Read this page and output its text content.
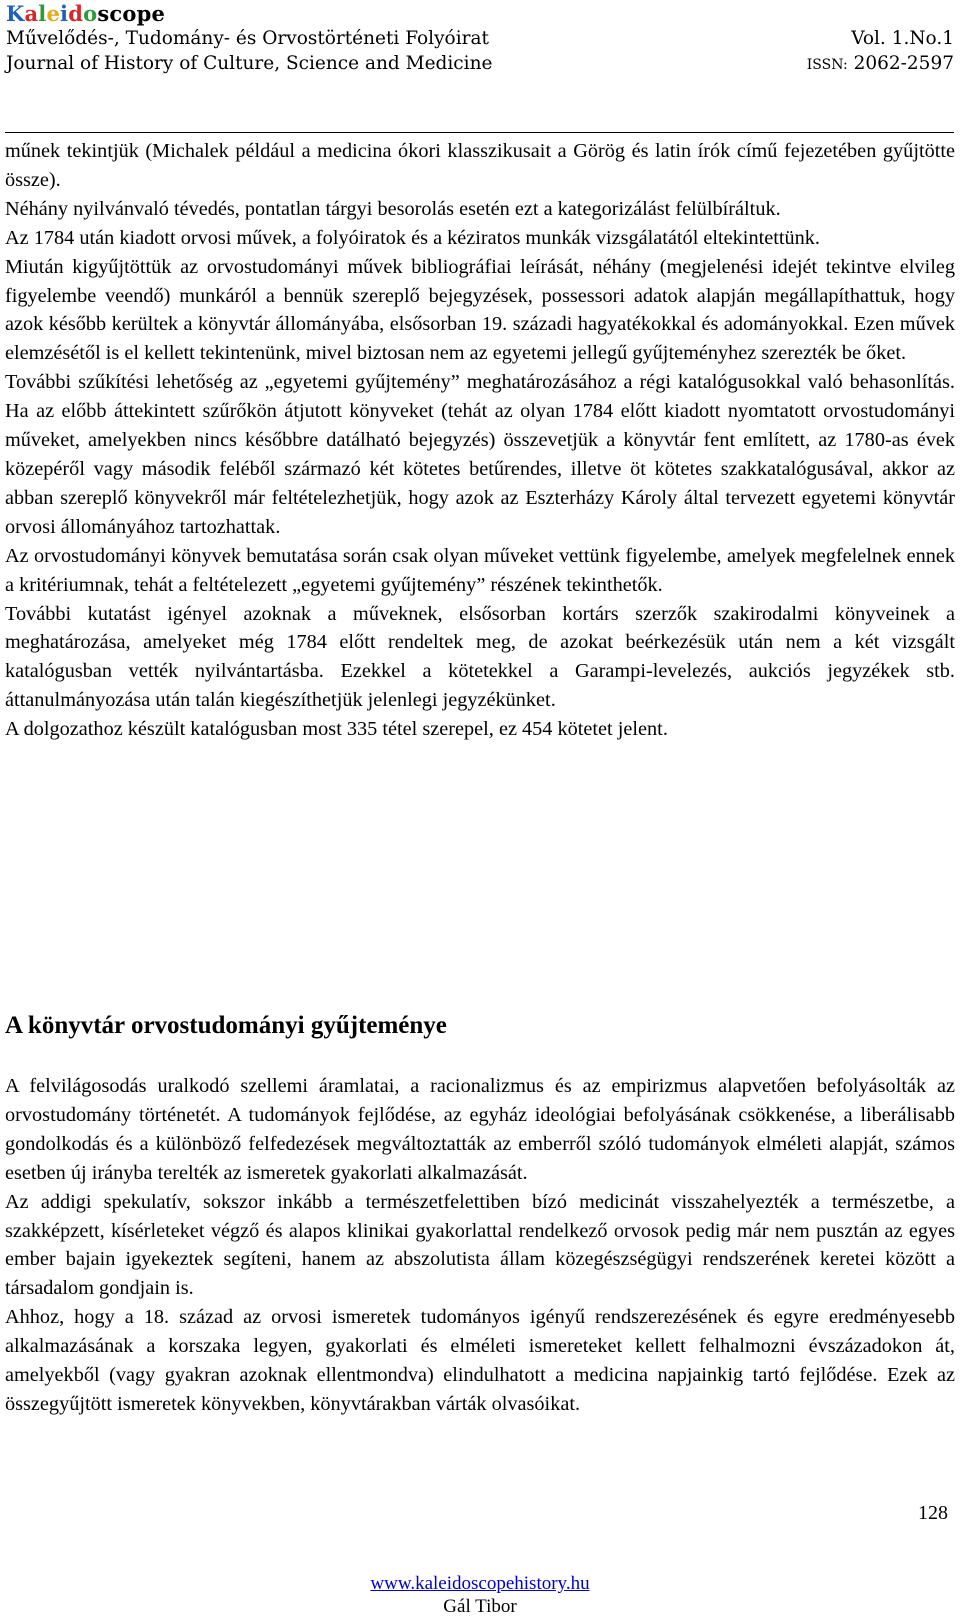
Kaleidoscope
Művelődés-, Tudomány- és Orvostörténeti Folyóirat	Vol. 1.No.1
Journal of History of Culture, Science and Medicine	ISSN: 2062-2597

műnek tekintjük (Michalek például a medicina ókori klasszikusait a Görög és latin írók című fejezetében gyűjtötte össze).

Néhány nyilvánvaló tévedés, pontatlan tárgyi besorolás esetén ezt a kategorizálást felülbíráltuk.

Az 1784 után kiadott orvosi művek, a folyóiratok és a kéziratos munkák vizsgálatától eltekintettünk.

Miután kigyűjtöttük az orvostudományi művek bibliográfiai leírását, néhány (megjelenési idejét tekintve elvileg figyelembe veendő) munkáról a bennük szereplő bejegyzések, possessori adatok alapján megállapíthattuk, hogy azok később kerültek a könyvtár állományába, elsősorban 19. századi hagyatékokkal és adományokkal. Ezen művek elemzésétől is el kellett tekintenünk, mivel biztosan nem az egyetemi jellegű gyűjteményhez szerezték be őket.

További szűkítési lehetőség az „egyetemi gyűjtemény” meghatározásához a régi katalógusokkal való behasonlítás. Ha az előbb áttekintett szűrőkön átjutott könyveket (tehát az olyan 1784 előtt kiadott nyomtatott orvostudományi műveket, amelyekben nincs későbbre datálható bejegyzés) összevetjük a könyvtár fent említett, az 1780-as évek közepéről vagy második feléből származó két kötetes betűrendes, illetve öt kötetes szakkatalógusával, akkor az abban szereplő könyvekről már feltételezhetjük, hogy azok az Eszterházy Károly által tervezett egyetemi könyvtár orvosi állományához tartozhattak.

Az orvostudományi könyvek bemutatása során csak olyan műveket vettünk figyelembe, amelyek megfelelnek ennek a kritériumnak, tehát a feltételezett „egyetemi gyűjtemény” részének tekinthetők.

További kutatást igényel azoknak a műveknek, elsősorban kortárs szerzők szakirodalmi könyveinek a meghatározása, amelyeket még 1784 előtt rendeltek meg, de azokat beérkezésük után nem a két vizsgált katalógusban vették nyilvántartásba. Ezekkel a kötetekkel a Garampi-levelezés, aukciós jegyzékek stb. áttanulmányozása után talán kiegészíthetjük jelenlegi jegyzékünket.

A dolgozathoz készült katalógusban most 335 tétel szerepel, ez 454 kötetet jelent.

A könyvtár orvostudományi gyűjteménye

A felvilágosodás uralkodó szellemi áramlatai, a racionalizmus és az empirizmus alapvetően befolyásolták az orvostudomány történetét. A tudományok fejlődése, az egyház ideológiai befolyásának csökkenése, a liberálisabb gondolkodás és a különböző felfedezések megváltoztatták az emberről szóló tudományok elméleti alapját, számos esetben új irányba terelték az ismeretek gyakorlati alkalmazását.

Az addigi spekulatív, sokszor inkább a természetfelettiben bízó medicinát visszahelyezték a természetbe, a szakképzett, kísérleteket végző és alapos klinikai gyakorlattal rendelkező orvosok pedig már nem pusztán az egyes ember bajain igyekeztek segíteni, hanem az abszolutista állam közegészségügyi rendszerének keretei között a társadalom gondjain is.

Ahhoz, hogy a 18. század az orvosi ismeretek tudományos igényű rendszerezésének és egyre eredményesebb alkalmazásának a korszaka legyen, gyakorlati és elméleti ismereteket kellett felhalmozni évszázadokon át, amelyekből (vagy gyakran azoknak ellentmondva) elindulhatott a medicina napjainkig tartó fejlődése. Ezek az összegyűjtött ismeretek könyvekben, könyvtárakban várták olvasóikat.

128
www.kaleidoscopehistory.hu
Gál Tibor
